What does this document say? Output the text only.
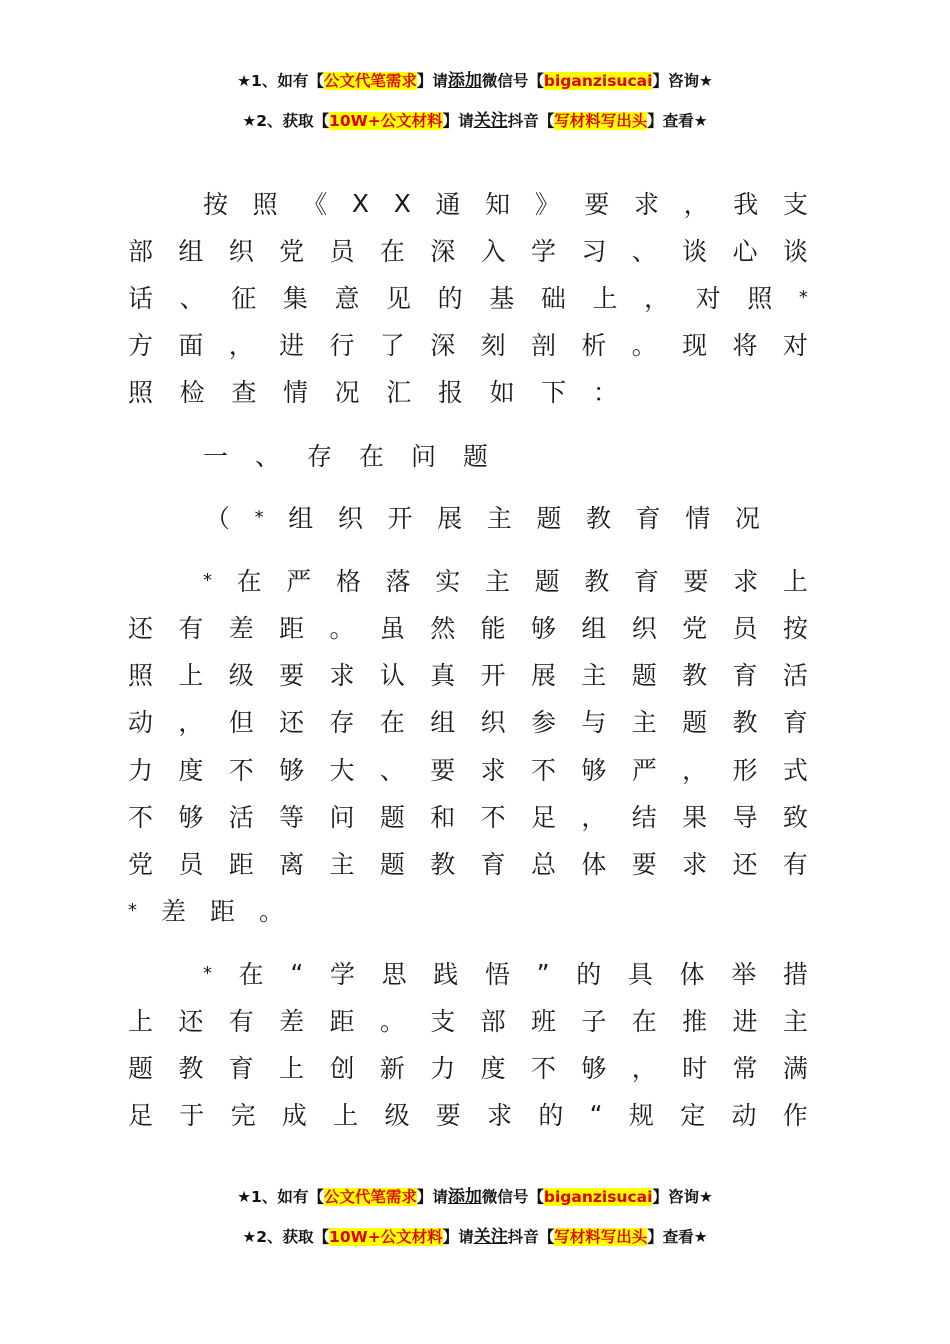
★1、如有【公文代笔需求】请添加微信号【biganzisucai】咨询★
★2、获取【10W+公文材料】请关注抖音【写材料写出头】查看★
按 照 《 X X 通 知 》 要 求 ， 我 支
部 组 织 党 员 在 深 入 学 习 、 谈 心 谈
话 、 征 集 意 见 的 基 础 上 ， 对 照 *
方 面 ， 进 行 了 深 刻 剖 析 。 现 将 对
照 检 查 情 况 汇 报 如 下 ：
一 、 存 在 问 题
（ * 组 织 开 展 主 题 教 育 情 况
* 在 严 格 落 实 主 题 教 育 要 求 上
还 有 差 距 。 虽 然 能 够 组 织 党 员 按
照 上 级 要 求 认 真 开 展 主 题 教 育 活
动 ， 但 还 存 在 组 织 参 与 主 题 教 育
力 度 不 够 大 、 要 求 不 够 严 ， 形 式
不 够 活 等 问 题 和 不 足 ， 结 果 导 致
党 员 距 离 主 题 教 育 总 体 要 求 还 有
* 差 距 。
* 在 “ 学 思 践 悟 ” 的 具 体 举 措
上 还 有 差 距 。 支 部 班 子 在 推 进 主
题 教 育 上 创 新 力 度 不 够 ， 时 常 满
足 于 完 成 上 级 要 求 的 “ 规 定 动 作
★1、如有【公文代笔需求】请添加微信号【biganzisucai】咨询★
★2、获取【10W+公文材料】请关注抖音【写材料写出头】查看★
